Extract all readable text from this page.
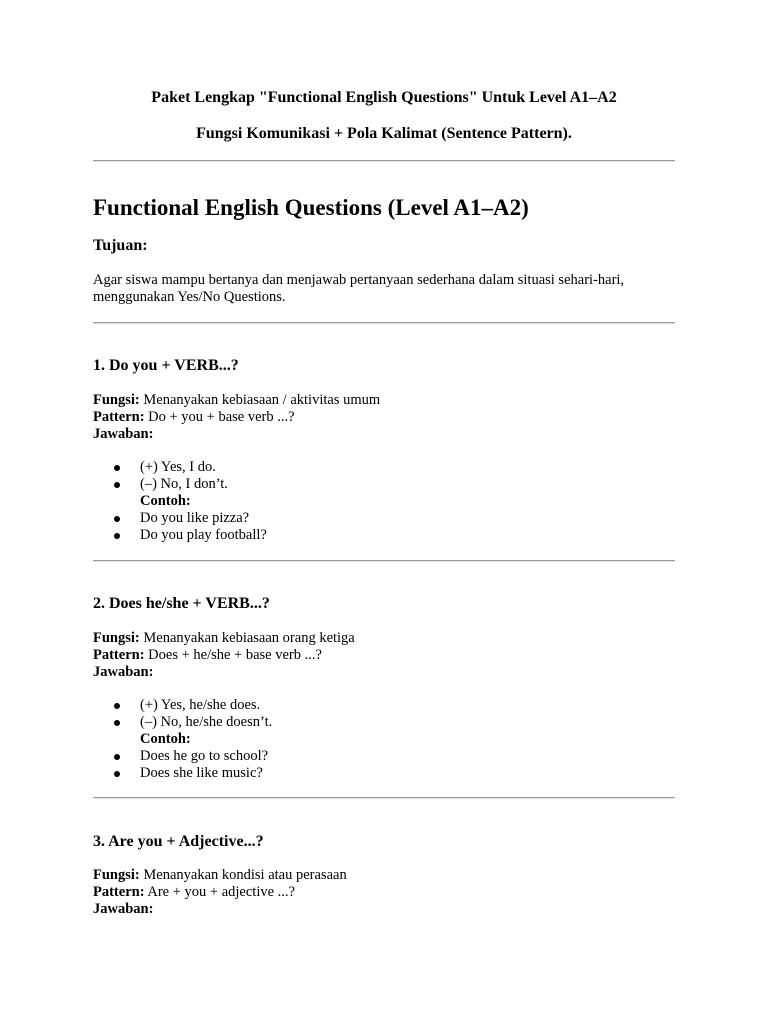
Paket Lengkap "Functional English Questions" Untuk Level A1–A2
Fungsi Komunikasi + Pola Kalimat (Sentence Pattern).
Functional English Questions (Level A1–A2)
Tujuan:
Agar siswa mampu bertanya dan menjawab pertanyaan sederhana dalam situasi sehari-hari,
menggunakan Yes/No Questions.
1. Do you + VERB...?
Fungsi: Menanyakan kebiasaan / aktivitas umum
Pattern: Do + you + base verb ...?
Jawaban:
(+) Yes, I do.
(–) No, I don’t.
Contoh:
Do you like pizza?
Do you play football?
2. Does he/she + VERB...?
Fungsi: Menanyakan kebiasaan orang ketiga
Pattern: Does + he/she + base verb ...?
Jawaban:
(+) Yes, he/she does.
(–) No, he/she doesn’t.
Contoh:
Does he go to school?
Does she like music?
3. Are you + Adjective...?
Fungsi: Menanyakan kondisi atau perasaan
Pattern: Are + you + adjective ...?
Jawaban:
